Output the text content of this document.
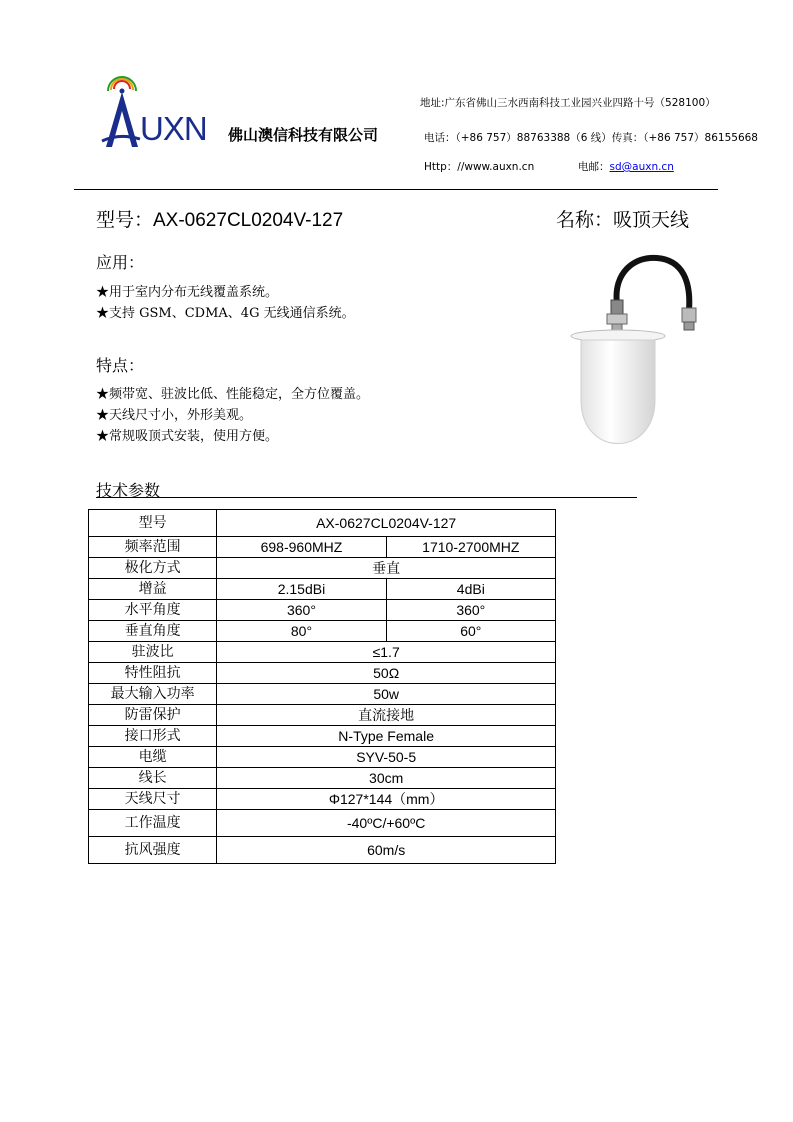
UXN 佛山澳信科技有限公司
地址:广东省佛山三水西南科技工业园兴业四路十号（528100）
电话：（+86 757）88763388（6 线）传真：（+86 757）86155668
Http：//www.auxn.cn	电邮：sd@auxn.cn
型号：AX-0627CL0204V-127	名称：吸顶天线
应用：
★用于室内分布无线覆盖系统。
★支持 GSM、CDMA、4G 无线通信系统。
特点：
★频带宽、驻波比低、性能稳定，全方位覆盖。
★天线尺寸小，外形美观。
★常规吸顶式安装，使用方便。
技术参数
型号	AX-0627CL0204V-127	
频率范围	698-960MHZ	1710-2700MHZ
极化方式	垂直	
增益	2.15dBi	4dBi
水平角度	360°	360°
垂直角度	80°	60°
驻波比	≤1.7	
特性阻抗	50Ω	
最大输入功率	50w	
防雷保护	直流接地	
接口形式	N-Type Female	
电缆	SYV-50-5	
线长	30cm	
天线尺寸	Φ127*144（mm）	
工作温度	-40ºC/+60ºC	
抗风强度	60m/s	
